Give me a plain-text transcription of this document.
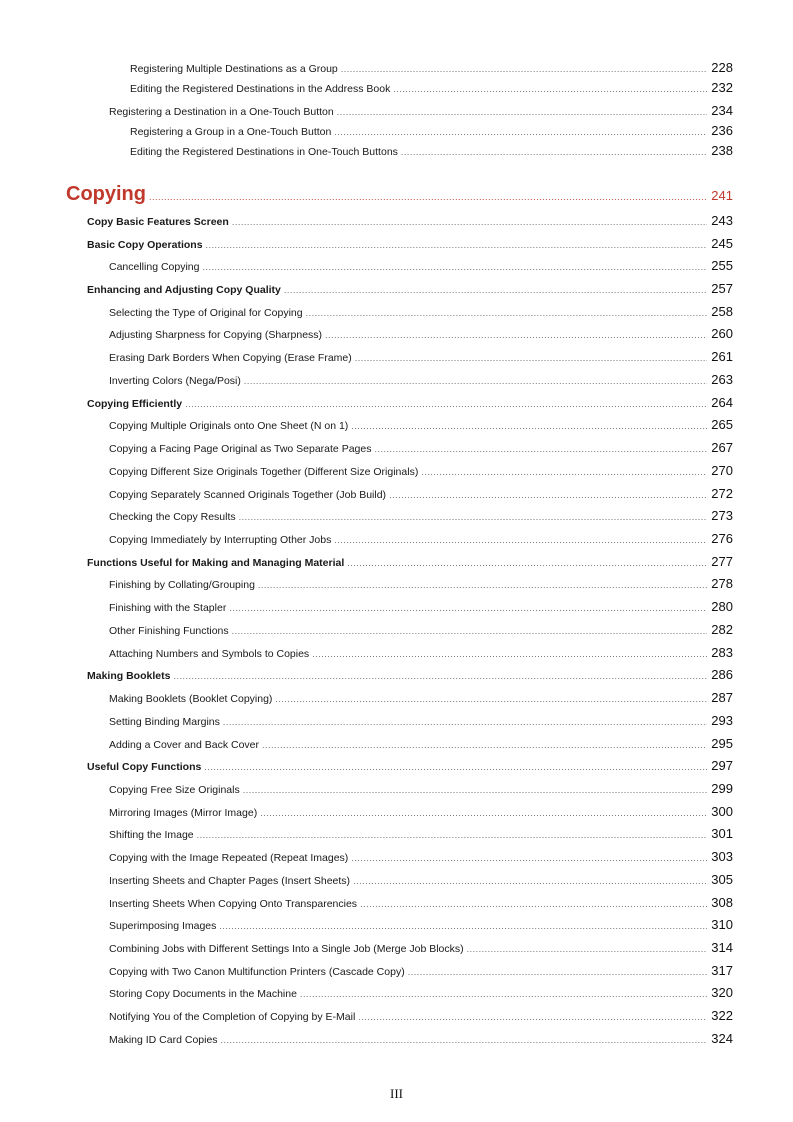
Registering Multiple Destinations as a Group .....	228
Editing the Registered Destinations in the Address Book .....	232
Registering a Destination in a One-Touch Button .....	234
Registering a Group in a One-Touch Button .....	236
Editing the Registered Destinations in One-Touch Buttons .....	238
Copying .....	241
Copy Basic Features Screen .....	243
Basic Copy Operations .....	245
Cancelling Copying .....	255
Enhancing and Adjusting Copy Quality .....	257
Selecting the Type of Original for Copying .....	258
Adjusting Sharpness for Copying (Sharpness) .....	260
Erasing Dark Borders When Copying (Erase Frame) .....	261
Inverting Colors (Nega/Posi) .....	263
Copying Efficiently .....	264
Copying Multiple Originals onto One Sheet (N on 1) .....	265
Copying a Facing Page Original as Two Separate Pages .....	267
Copying Different Size Originals Together (Different Size Originals) .....	270
Copying Separately Scanned Originals Together (Job Build) .....	272
Checking the Copy Results .....	273
Copying Immediately by Interrupting Other Jobs .....	276
Functions Useful for Making and Managing Material .....	277
Finishing by Collating/Grouping .....	278
Finishing with the Stapler .....	280
Other Finishing Functions .....	282
Attaching Numbers and Symbols to Copies .....	283
Making Booklets .....	286
Making Booklets (Booklet Copying) .....	287
Setting Binding Margins .....	293
Adding a Cover and Back Cover .....	295
Useful Copy Functions .....	297
Copying Free Size Originals .....	299
Mirroring Images (Mirror Image) .....	300
Shifting the Image .....	301
Copying with the Image Repeated (Repeat Images) .....	303
Inserting Sheets and Chapter Pages (Insert Sheets) .....	305
Inserting Sheets When Copying Onto Transparencies .....	308
Superimposing Images .....	310
Combining Jobs with Different Settings Into a Single Job (Merge Job Blocks) .....	314
Copying with Two Canon Multifunction Printers (Cascade Copy) .....	317
Storing Copy Documents in the Machine .....	320
Notifying You of the Completion of Copying by E-Mail .....	322
Making ID Card Copies .....	324
III
